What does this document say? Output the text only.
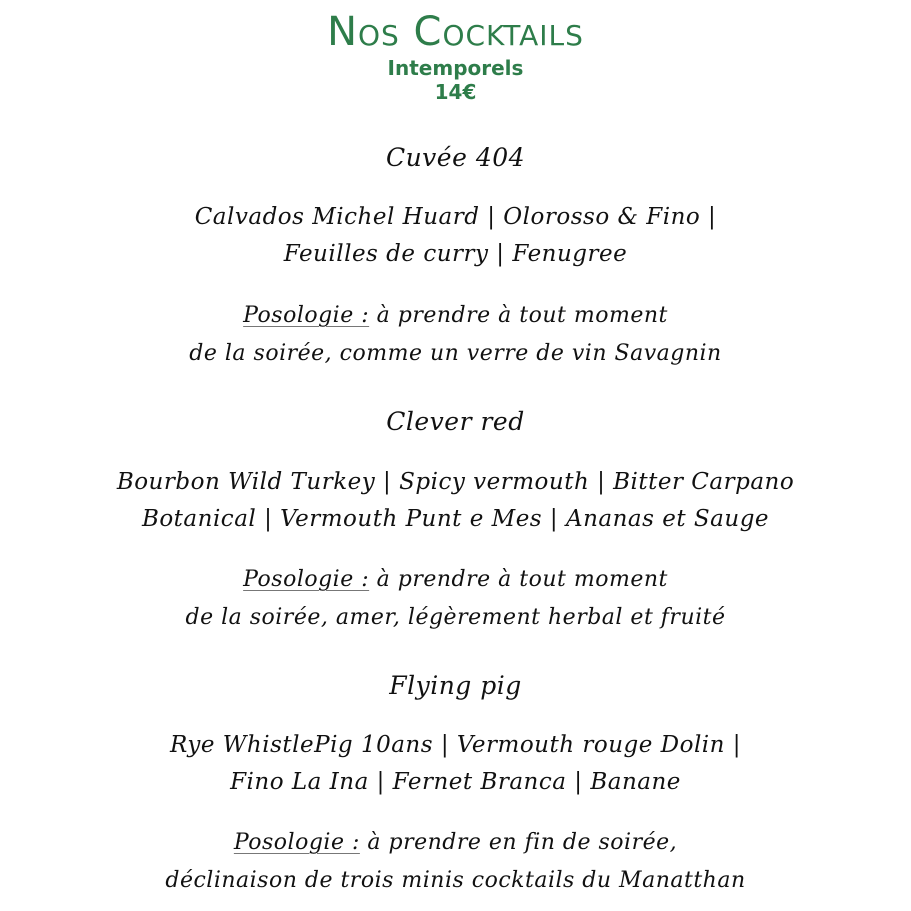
Nos Cocktails
Intemporels
14€
Cuvée 404
Calvados Michel Huard | Olorosso & Fino |
Feuilles de curry | Fenugree
Posologie : à prendre à tout moment
de la soirée, comme un verre de vin Savagnin
Clever red
Bourbon Wild Turkey | Spicy vermouth | Bitter Carpano
Botanical | Vermouth Punt e Mes | Ananas et Sauge
Posologie : à prendre à tout moment
de la soirée, amer, légèrement herbal et fruité
Flying pig
Rye WhistlePig 10ans | Vermouth rouge Dolin |
Fino La Ina | Fernet Branca | Banane
Posologie : à prendre en fin de soirée,
déclinaison de trois minis cocktails du Manatthan
